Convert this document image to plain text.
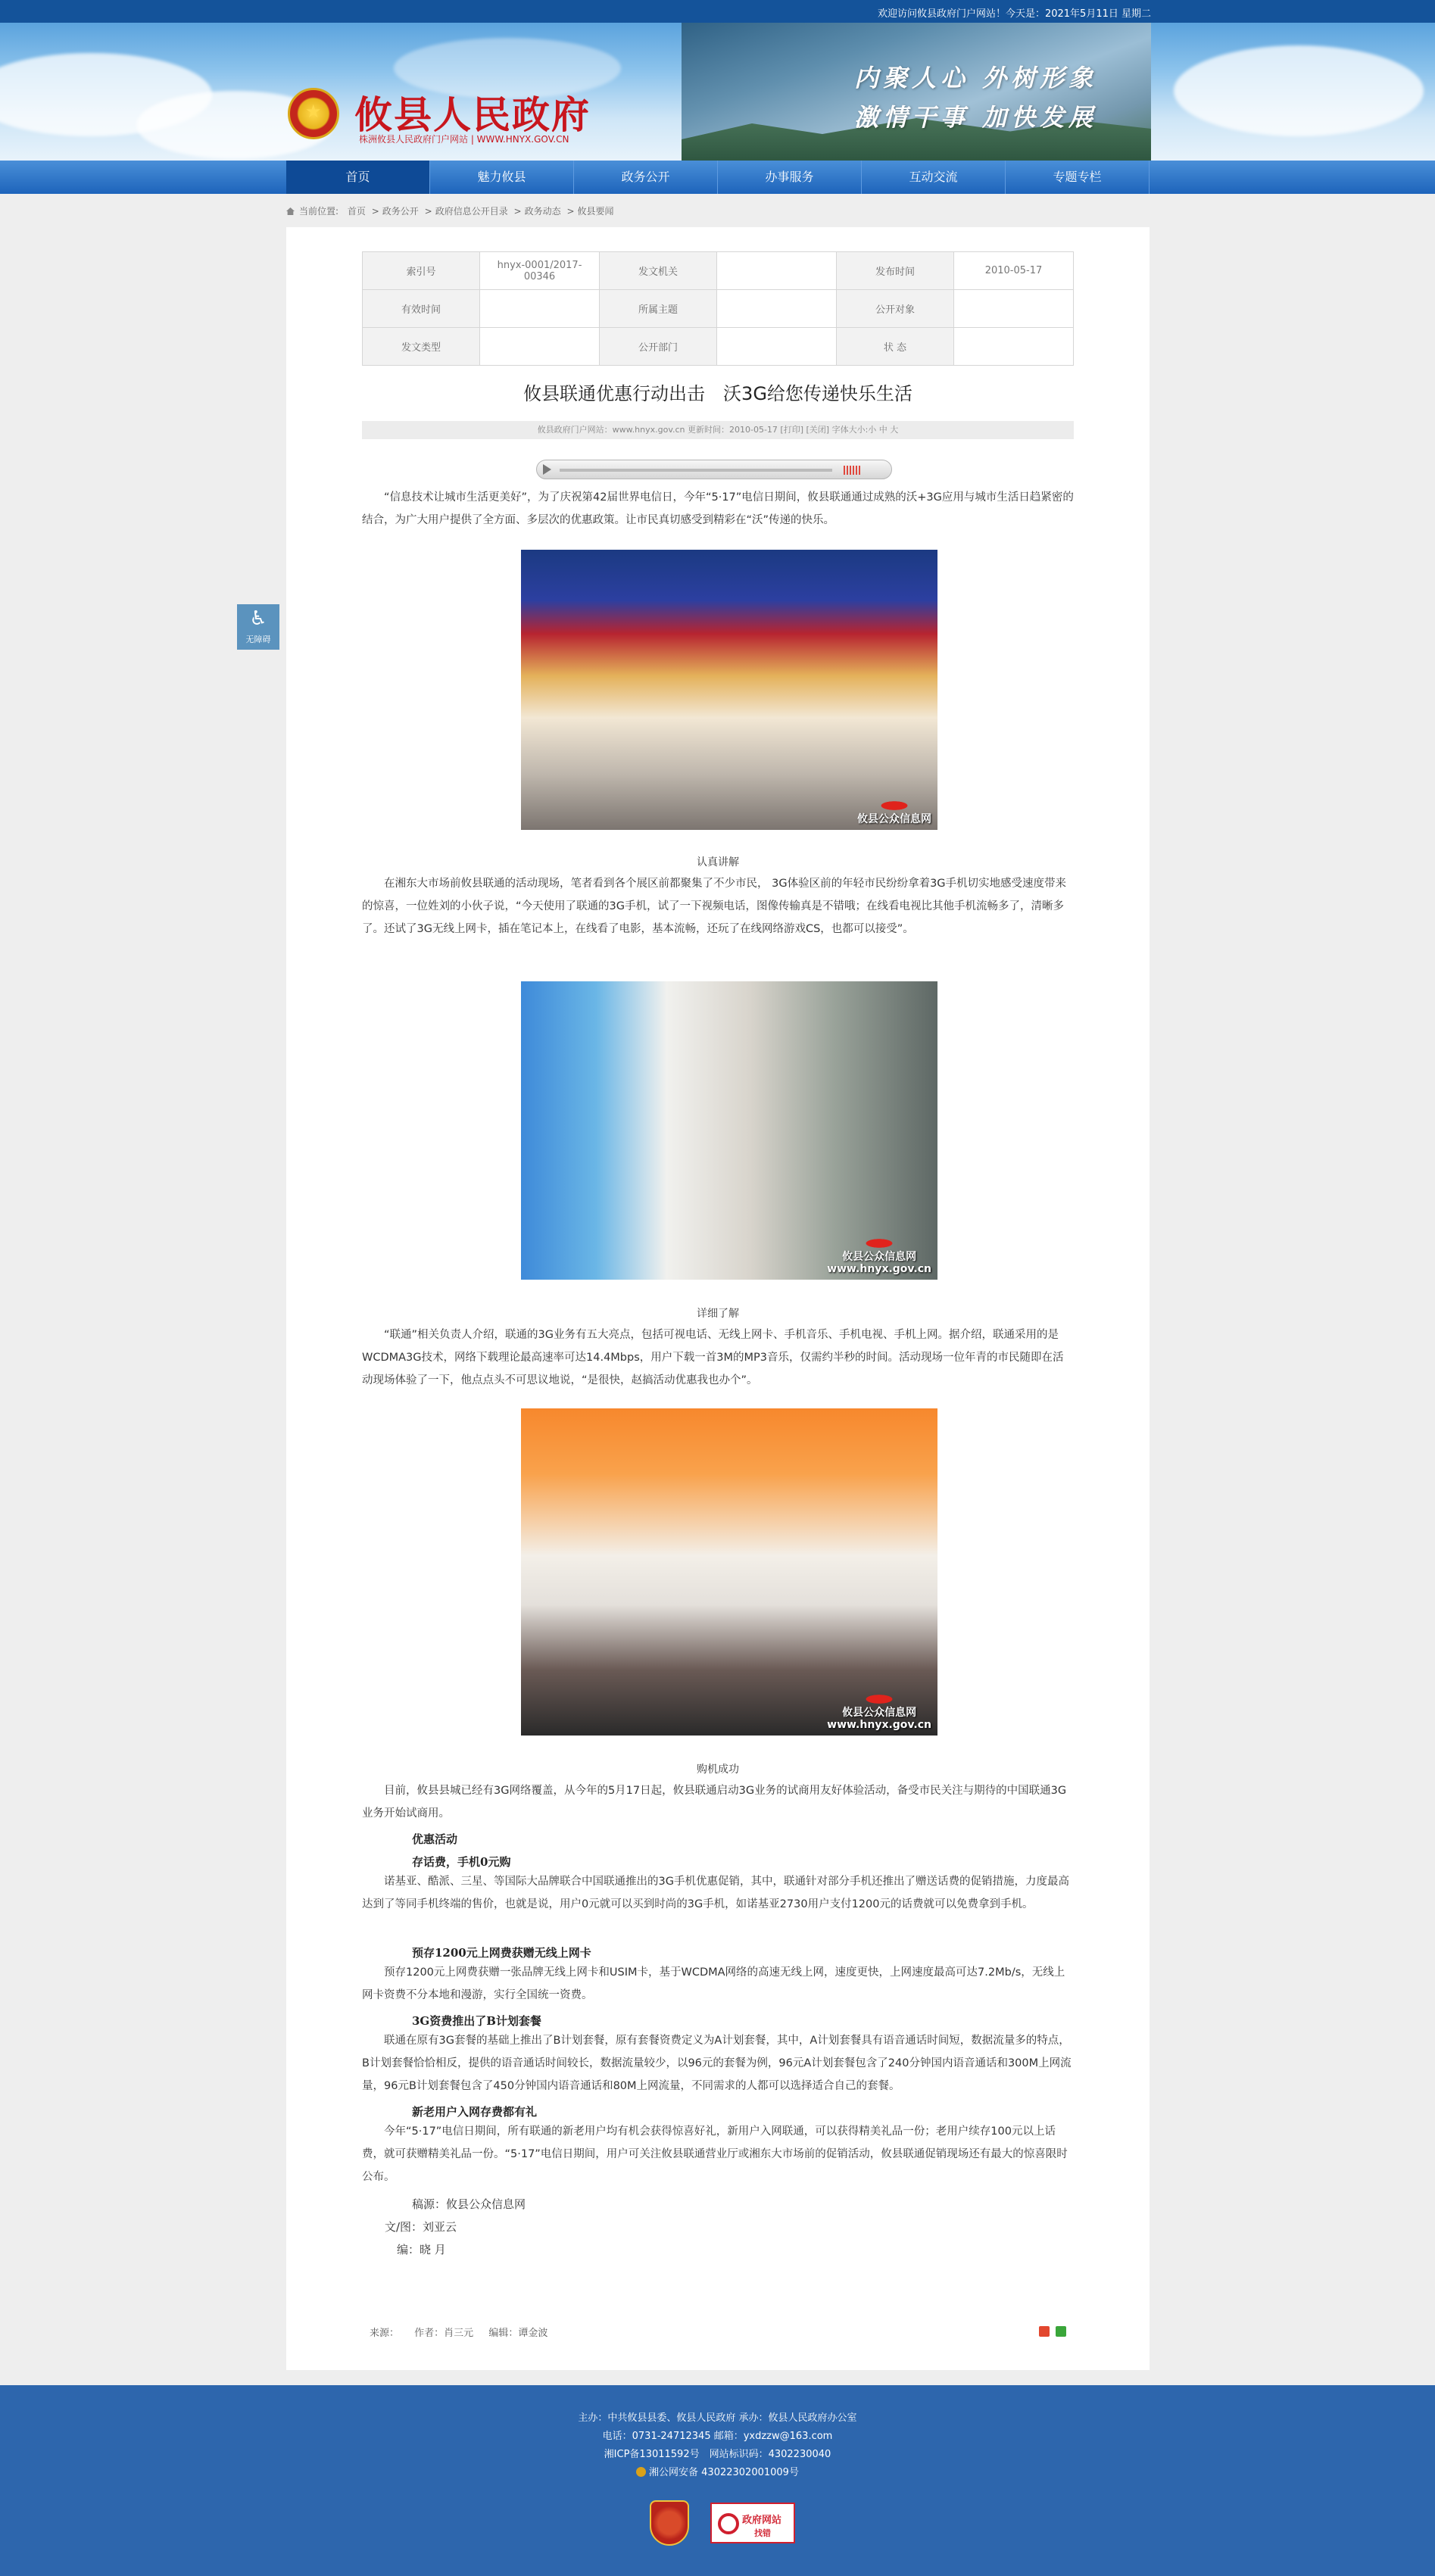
欢迎访问攸县政府门户网站！今天是：2021年5月11日 星期二
★
攸县人民政府
株洲攸县人民政府门户网站 | WWW.HNYX.GOV.CN
内聚人心 外树形象
激情干事 加快发展
首页	魅力攸县	政务公开	办事服务	互动交流	专题专栏
当前位置: 首页 > 政务公开 > 政府信息公开目录 > 政务动态 > 攸县要闻
♿
无障碍
索引号	hnyx-0001/2017-00346	发文机关		发布时间	2010-05-17
有效时间		所属主题		公开对象	
发文类型		公开部门		状 态	
攸县联通优惠行动出击　沃3G给您传递快乐生活
攸县政府门户网站：www.hnyx.gov.cn 更新时间：2010-05-17 [打印] [关闭] 字体大小:小 中 大
“信息技术让城市生活更美好”，为了庆祝第42届世界电信日，今年“5·17”电信日期间，攸县联通通过成熟的沃+3G应用与城市生活日趋紧密的结合，为广大用户提供了全方面、多层次的优惠政策。让市民真切感受到精彩在“沃”传递的快乐。
攸县公众信息网
认真讲解
在湘东大市场前攸县联通的活动现场，笔者看到各个展区前都聚集了不少市民， 3G体验区前的年轻市民纷纷拿着3G手机切实地感受速度带来的惊喜，一位姓刘的小伙子说，“今天使用了联通的3G手机，试了一下视频电话，图像传输真是不错哦；在线看电视比其他手机流畅多了，清晰多了。还试了3G无线上网卡，插在笔记本上，在线看了电影，基本流畅，还玩了在线网络游戏CS，也都可以接受”。
攸县公众信息网
www.hnyx.gov.cn
详细了解
“联通”相关负责人介绍，联通的3G业务有五大亮点，包括可视电话、无线上网卡、手机音乐、手机电视、手机上网。据介绍，联通采用的是WCDMA3G技术，网络下载理论最高速率可达14.4Mbps，用户下载一首3M的MP3音乐，仅需约半秒的时间。活动现场一位年青的市民随即在活动现场体验了一下，他点点头不可思议地说，“是很快，赵搞活动优惠我也办个”。
攸县公众信息网
www.hnyx.gov.cn
购机成功
目前，攸县县城已经有3G网络覆盖，从今年的5月17日起，攸县联通启动3G业务的试商用友好体验活动，备受市民关注与期待的中国联通3G业务开始试商用。
优惠活动
存话费，手机0元购
诺基亚、酷派、三星、等国际大品牌联合中国联通推出的3G手机优惠促销，其中，联通针对部分手机还推出了赠送话费的促销措施，力度最高达到了等同手机终端的售价，也就是说，用户0元就可以买到时尚的3G手机，如诺基亚2730用户支付1200元的话费就可以免费拿到手机。
预存1200元上网费获赠无线上网卡
预存1200元上网费获赠一张品牌无线上网卡和USIM卡，基于WCDMA网络的高速无线上网，速度更快，上网速度最高可达7.2Mb/s，无线上网卡资费不分本地和漫游，实行全国统一资费。
3G资费推出了B计划套餐
联通在原有3G套餐的基础上推出了B计划套餐，原有套餐资费定义为A计划套餐，其中，A计划套餐具有语音通话时间短，数据流量多的特点，B计划套餐恰恰相反，提供的语音通话时间较长，数据流量较少，以96元的套餐为例，96元A计划套餐包含了240分钟国内语音通话和300M上网流量，96元B计划套餐包含了450分钟国内语音通话和80M上网流量，不同需求的人都可以选择适合自己的套餐。
新老用户入网存费都有礼
今年“5·17”电信日期间，所有联通的新老用户均有机会获得惊喜好礼，新用户入网联通，可以获得精美礼品一份；老用户续存100元以上话费，就可获赠精美礼品一份。“5·17”电信日期间，用户可关注攸县联通营业厅或湘东大市场前的促销活动，攸县联通促销现场还有最大的惊喜限时公布。
稿源：攸县公众信息网
文/图：刘亚云
编：晓 月
来源： 作者：肖三元 编辑：谭金波
主办：中共攸县县委、攸县人民政府 承办：攸县人民政府办公室
电话：0731-24712345 邮箱：yxdzzw@163.com
湘ICP备13011592号　网站标识码：4302230040
湘公网安备 43022302001009号
政府网站
找错
